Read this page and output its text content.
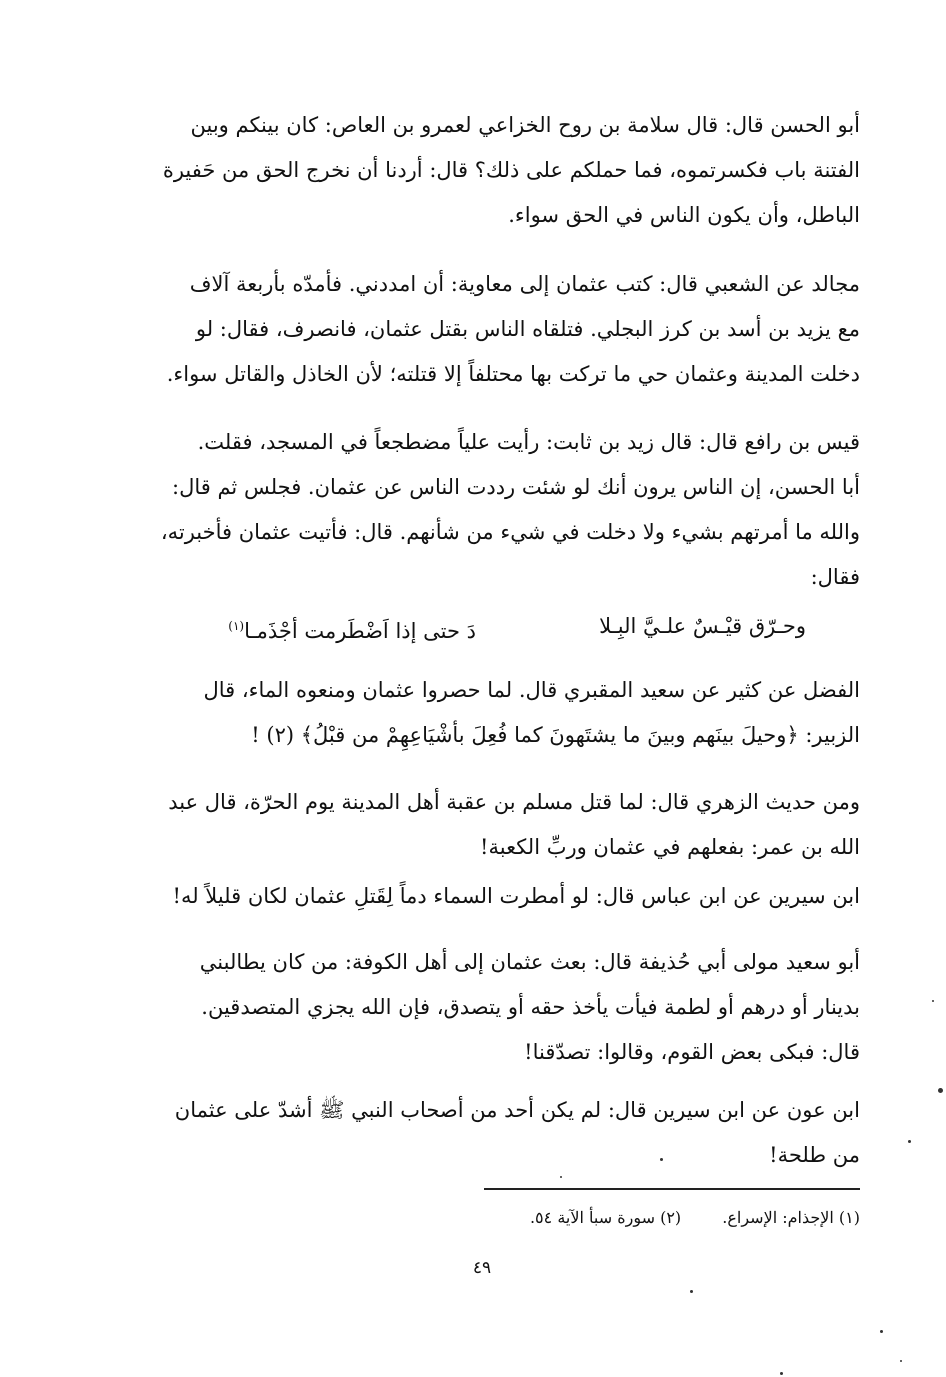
أبو الحسن قال: قال سلامة بن روح الخزاعي لعمرو بن العاص: كان بينكم وبين
الفتنة باب فكسرتموه، فما حملكم على ذلك؟ قال: أردنا أن نخرج الحق من حَفيرة
الباطل، وأن يكون الناس في الحق سواء.
مجالد عن الشعبي قال: كتب عثمان إلى معاوية: أن امددني. فأمدّه بأربعة آلاف
مع يزيد بن أسد بن كرز البجلي. فتلقاه الناس بقتل عثمان، فانصرف، فقال: لو
دخلت المدينة وعثمان حي ما تركت بها محتلفاً إلا قتلته؛ لأن الخاذل والقاتل سواء.
قيس بن رافع قال: قال زيد بن ثابت: رأيت علياً مضطجعاً في المسجد، فقلت.
أبا الحسن، إن الناس يرون أنك لو شئت رددت الناس عن عثمان. فجلس ثم قال:
والله ما أمرتهم بشيء ولا دخلت في شيء من شأنهم. قال: فأتيت عثمان فأخبرته،
فقال:
وحـرّق قيْـسٌ علـيَّ البِـلا
دَ حتى إذا اَضْطَرمت أجْذَمـا$^{(١)}$
الفضل عن كثير عن سعيد المقبري قال. لما حصروا عثمان ومنعوه الماء، قال
الزبير: ﴿وحيلَ بينَهم وبينَ ما يشتَهونَ كما فُعِلَ بأشْيَاعِهِمْ من قبْلُ﴾ (٢) !
ومن حديث الزهري قال: لما قتل مسلم بن عقبة أهل المدينة يوم الحرّة، قال عبد
الله بن عمر: بفعلهم في عثمان وربِّ الكعبة!
ابن سيرين عن ابن عباس قال: لو أمطرت السماء دماً لِقَتلِ عثمان لكان قليلاً له!
أبو سعيد مولى أبي حُذيفة قال: بعث عثمان إلى أهل الكوفة: من كان يطالبني
بدينار أو درهم أو لطمة فيأت يأخذ حقه أو يتصدق، فإن الله يجزي المتصدقين.
قال: فبكى بعض القوم، وقالوا: تصدّقنا!
ابن عون عن ابن سيرين قال: لم يكن أحد من أصحاب النبي ﷺ أشدّ على عثمان
من طلحة!
(١) الإجذام: الإسراع. (٢) سورة سبأ الآية ٥٤.
٤٩
